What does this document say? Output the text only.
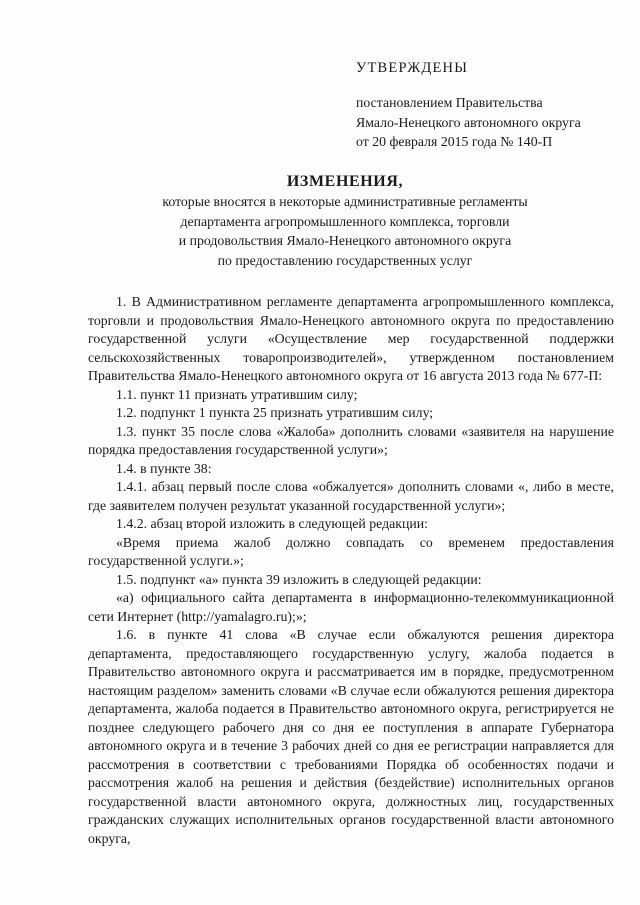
УТВЕРЖДЕНЫ
постановлением Правительства
Ямало-Ненецкого автономного округа
от 20 февраля 2015 года № 140-П
ИЗМЕНЕНИЯ,
которые вносятся в некоторые административные регламенты
департамента агропромышленного комплекса, торговли
и продовольствия Ямало-Ненецкого автономного округа
по предоставлению государственных услуг

1. В Административном регламенте департамента агропромышленного комплекса, торговли и продовольствия Ямало-Ненецкого автономного округа по предоставлению государственной услуги «Осуществление мер государственной поддержки сельскохозяйственных товаропроизводителей», утвержденном постановлением Правительства Ямало-Ненецкого автономного округа от 16 августа 2013 года № 677-П:

1.1. пункт 11 признать утратившим силу;

1.2. подпункт 1 пункта 25 признать утратившим силу;

1.3. пункт 35 после слова «Жалоба» дополнить словами «заявителя на нарушение порядка предоставления государственной услуги»;

1.4. в пункте 38:

1.4.1. абзац первый после слова «обжалуется» дополнить словами «, либо в месте, где заявителем получен результат указанной государственной услуги»;

1.4.2. абзац второй изложить в следующей редакции:

«Время приема жалоб должно совпадать со временем предоставления государственной услуги.»;

1.5. подпункт «а» пункта 39 изложить в следующей редакции:

«а) официального сайта департамента в информационно-телекоммуникационной сети Интернет (http://yamalagro.ru);»;

1.6. в пункте 41 слова «В случае если обжалуются решения директора департамента, предоставляющего государственную услугу, жалоба подается в Правительство автономного округа и рассматривается им в порядке, предусмотренном настоящим разделом» заменить словами «В случае если обжалуются решения директора департамента, жалоба подается в Правительство автономного округа, регистрируется не позднее следующего рабочего дня со дня ее поступления в аппарате Губернатора автономного округа и в течение 3 рабочих дней со дня ее регистрации направляется для рассмотрения в соответствии с требованиями Порядка об особенностях подачи и рассмотрения жалоб на решения и действия (бездействие) исполнительных органов государственной власти автономного округа, должностных лиц, государственных гражданских служащих исполнительных органов государственной власти автономного округа,
